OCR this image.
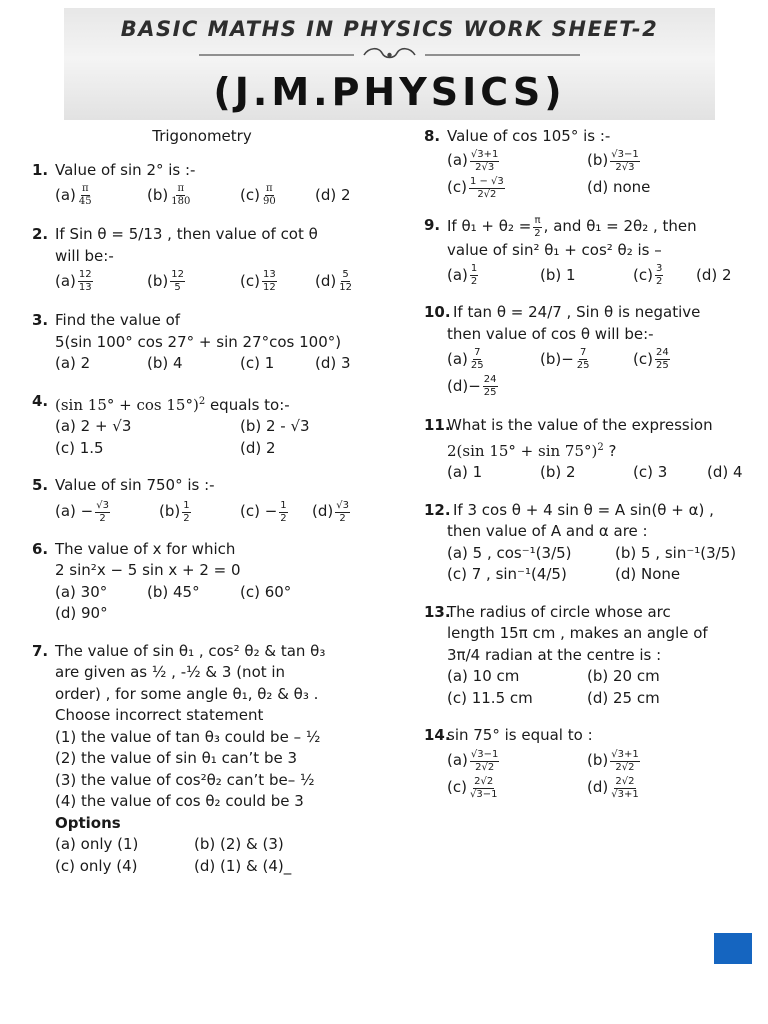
BASIC MATHS IN PHYSICS WORK SHEET-2
(J.M.PHYSICS)
Trigonometry
1. Value of sin 2° is :-
$(a) \frac{\pi}{45}$	$(b) \frac{\pi}{180}$	$(c) \frac{\pi}{90}$	(d) 2
2. If Sin θ = 5/13 , then value of cot θ
will be:-
$(a) \frac{12}{13}$	$(b) \frac{12}{5}$	$(c) \frac{13}{12}$	$(d) \frac{5}{12}$
3. Find the value of
5(sin 100° cos 27° + sin 27°cos 100°)
(a) 2	(b) 4	(c) 1	(d) 3
4. (sin 15° + cos 15°)$^2$ equals to:-
(a) 2 + √3	(b) 2 - √3
(c) 1.5	(d) 2
5. Value of sin 750° is :-
$(a) - \frac{√3}{2}$	$(b) \frac{1}{2}$	$(c) - \frac{1}{2} (d) \frac{√3}{2}$
6. The value of x for which
2 sin²x − 5 sin x + 2 = 0
(a) 30°	(b) 45°	(c) 60°
(d) 90°
7. The value of sin θ₁ , cos² θ₂ & tan θ₃
are given as ½ , -½ & 3 (not in
order) , for some angle θ₁, θ₂ & θ₃ .
Choose incorrect statement
(1) the value of tan θ₃ could be – ½
(2) the value of sin θ₁ can’t be 3
(3) the value of cos²θ₂ can’t be– ½
(4) the value of cos θ₂ could be 3
Options
(a) only (1)	(b) (2) & (3)
(c) only (4)	(d) (1) & (4)_
8. Value of cos 105° is :-
$(a) \frac{√3+1}{2√3}$	$(b) \frac{√3-1}{2√3}$
$(c) \frac{1 - √3}{2√2}$	(d) none
9. If $\theta_1 + \theta_2 = \frac{\pi}{2}$ , and θ₁ = 2θ₂ , then
value of sin² θ₁ + cos² θ₂ is –
$(a) \frac{1}{2}$	(b) 1	$(c) \frac{3}{2} (d)$ 2
10. If tan θ = 24/7 , Sin θ is negative
then value of cos θ will be:-
$(a) \frac{7}{25}$	$(b)- \frac{7}{25}$	$(c) \frac{24}{25}$
$(d)- \frac{24}{25}$
11.
What is the value of the expression
2(sin 15° + sin 75°)$^2$ ?
(a) 1	(b) 2	(c) 3	(d) 4
12. If 3 cos θ + 4 sin θ = A sin(θ + α) ,
then value of A and α are :
(a) 5 , cos⁻¹(3/5)	(b) 5 , sin⁻¹(3/5)
(c) 7 , sin⁻¹(4/5)	(d) None
13.
The radius of circle whose arc
length 15π cm , makes an angle of
3π/4 radian at the centre is :
(a) 10 cm	(b) 20 cm
(c) 11.5 cm	(d) 25 cm
14.
sin 75° is equal to :
$(a) \frac{√3-1}{2√2}$	$(b) \frac{√3+1}{2√2}$
$(c) \frac{2√2}{√3-1}$	$(d) \frac{2√2}{√3+1}$
